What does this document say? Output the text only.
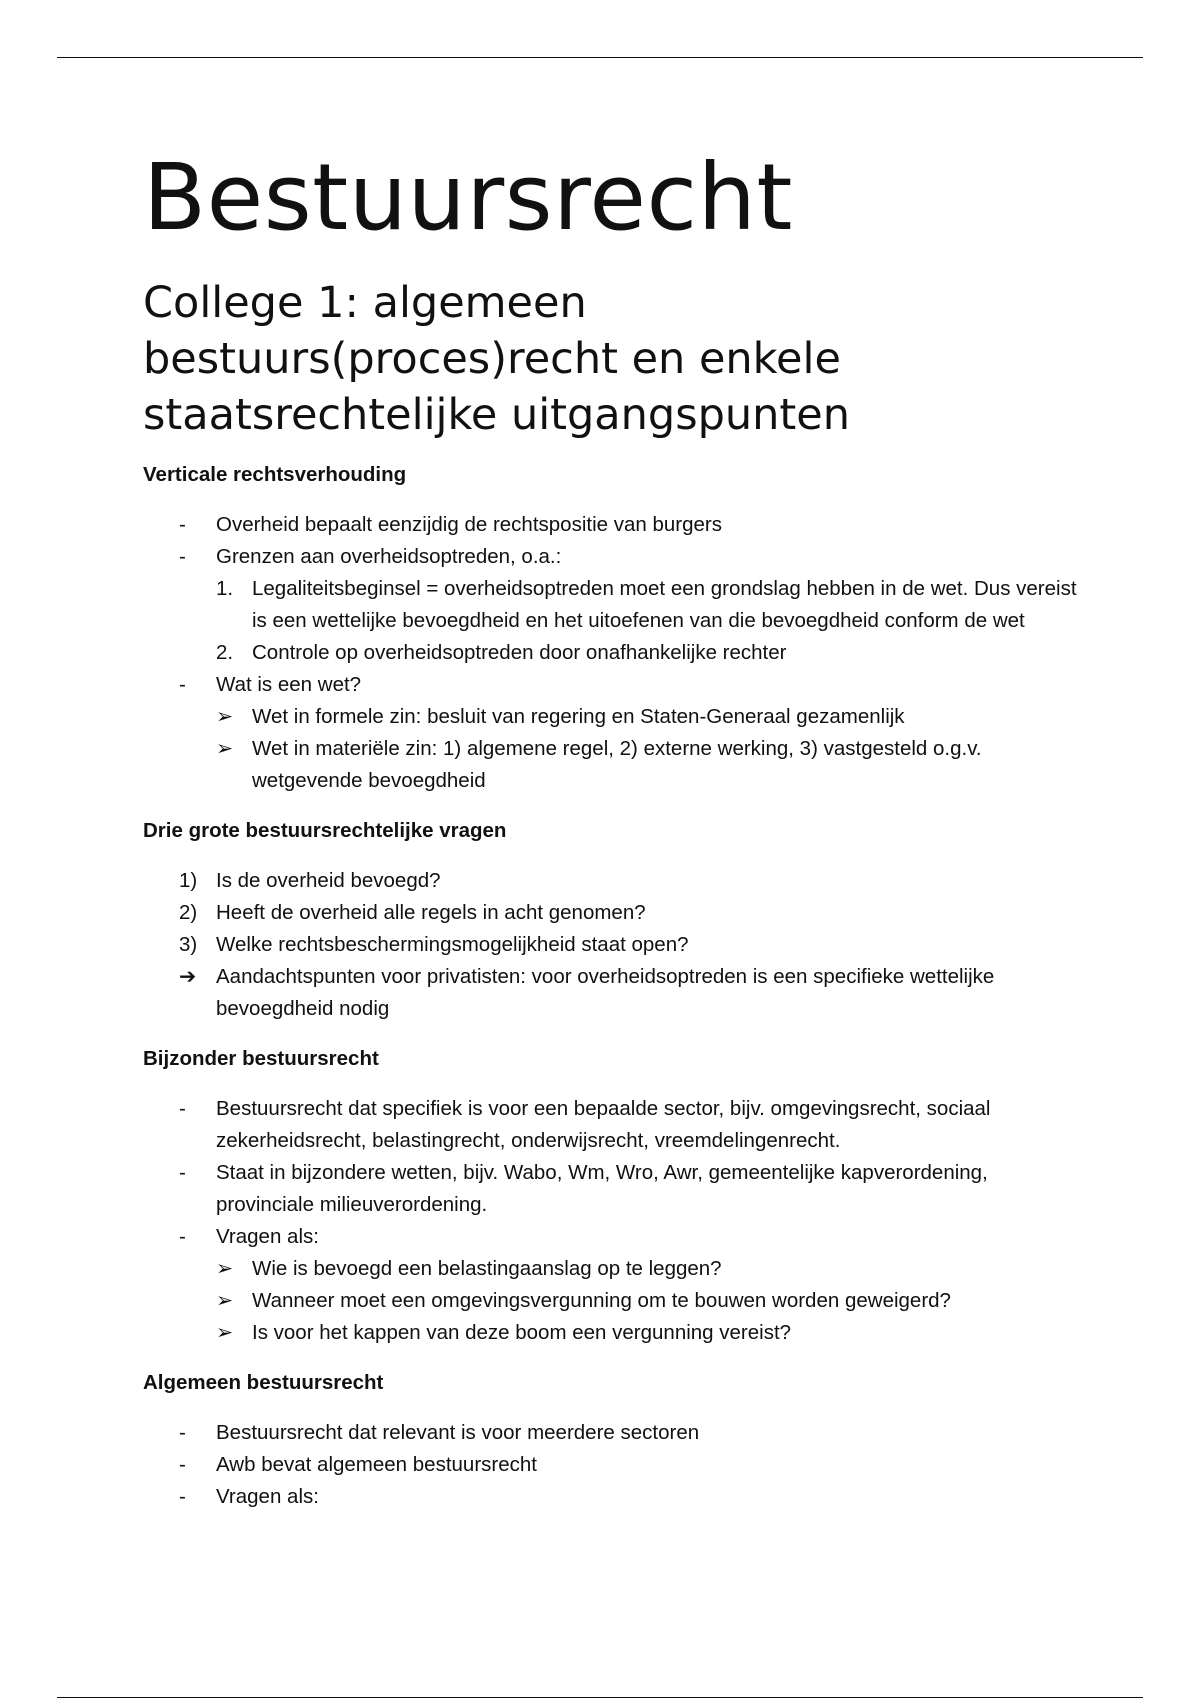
Bestuursrecht
College 1: algemeen bestuurs(proces)recht en enkele staatsrechtelijke uitgangspunten
Verticale rechtsverhouding
- Overheid bepaalt eenzijdig de rechtspositie van burgers
- Grenzen aan overheidsoptreden, o.a.:
1. Legaliteitsbeginsel = overheidsoptreden moet een grondslag hebben in de wet. Dus vereist is een wettelijke bevoegdheid en het uitoefenen van die bevoegdheid conform de wet
2. Controle op overheidsoptreden door onafhankelijke rechter
- Wat is een wet?
➢ Wet in formele zin: besluit van regering en Staten-Generaal gezamenlijk
➢ Wet in materiële zin: 1) algemene regel, 2) externe werking, 3) vastgesteld o.g.v. wetgevende bevoegdheid
Drie grote bestuursrechtelijke vragen
1) Is de overheid bevoegd?
2) Heeft de overheid alle regels in acht genomen?
3) Welke rechtsbeschermingsmogelijkheid staat open?
➔ Aandachtspunten voor privatisten: voor overheidsoptreden is een specifieke wettelijke bevoegdheid nodig
Bijzonder bestuursrecht
- Bestuursrecht dat specifiek is voor een bepaalde sector, bijv. omgevingsrecht, sociaal zekerheidsrecht, belastingrecht, onderwijsrecht, vreemdelingenrecht.
- Staat in bijzondere wetten, bijv. Wabo, Wm, Wro, Awr, gemeentelijke kapverordening, provinciale milieuverordening.
- Vragen als:
➢ Wie is bevoegd een belastingaanslag op te leggen?
➢ Wanneer moet een omgevingsvergunning om te bouwen worden geweigerd?
➢ Is voor het kappen van deze boom een vergunning vereist?
Algemeen bestuursrecht
- Bestuursrecht dat relevant is voor meerdere sectoren
- Awb bevat algemeen bestuursrecht
- Vragen als:
